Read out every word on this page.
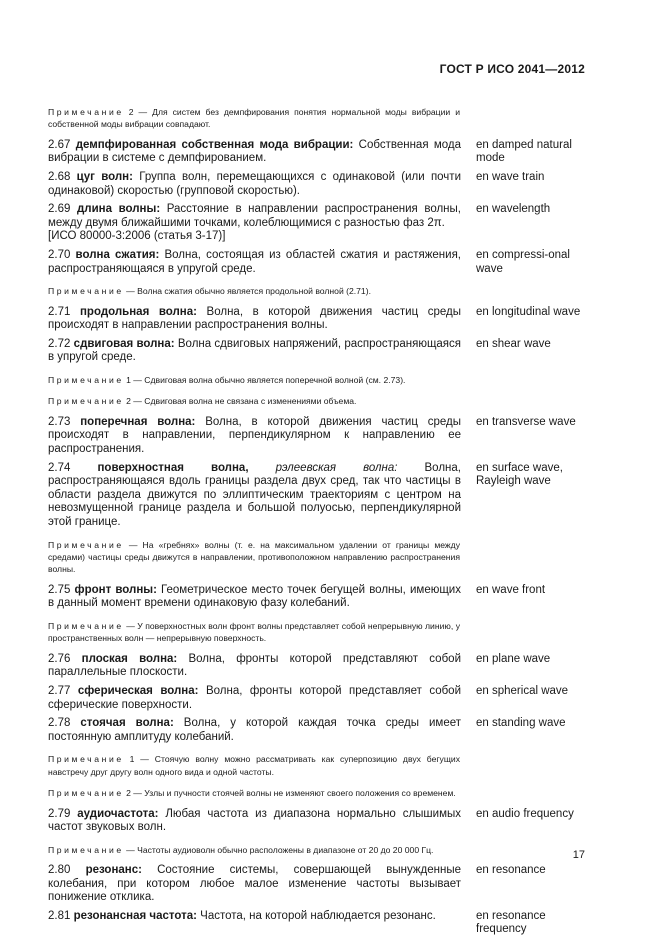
ГОСТ Р ИСО 2041—2012
Примечание 2 — Для систем без демпфирования понятия нормальной моды вибрации и собственной моды вибрации совпадают.
2.67 демпфированная собственная мода вибрации: Собственная мода вибрации в системе с демпфированием.
en damped natural mode
2.68 цуг волн: Группа волн, перемещающихся с одинаковой (или почти одинаковой) скоростью (групповой скоростью).
en wave train
2.69 длина волны: Расстояние в направлении распространения волны, между двумя ближайшими точками, колеблющимися с разностью фаз 2π.
[ИСО 80000-3:2006 (статья 3-17)]
en wavelength
2.70 волна сжатия: Волна, состоящая из областей сжатия и растяжения, распространяющаяся в упругой среде.
en compressi-onal wave
Примечание — Волна сжатия обычно является продольной волной (2.71).
2.71 продольная волна: Волна, в которой движения частиц среды происходят в направлении распространения волны.
en longitudinal wave
2.72 сдвиговая волна: Волна сдвиговых напряжений, распространяющаяся в упругой среде.
en shear wave
Примечание 1 — Сдвиговая волна обычно является поперечной волной (см. 2.73).
Примечание 2 — Сдвиговая волна не связана с изменениями объема.
2.73 поперечная волна: Волна, в которой движения частиц среды происходят в направлении, перпендикулярном к направлению ее распространения.
en transverse wave
2.74 поверхностная волна, рэлеевская волна: Волна, распространяющаяся вдоль границы раздела двух сред, так что частицы в области раздела движутся по эллиптическим траекториям с центром на невозмущенной границе раздела и большой полуосью, перпендикулярной этой границе.
en surface wave, Rayleigh wave
Примечание — На «гребнях» волны (т. е. на максимальном удалении от границы между средами) частицы среды движутся в направлении, противоположном направлению распространения волны.
2.75 фронт волны: Геометрическое место точек бегущей волны, имеющих в данный момент времени одинаковую фазу колебаний.
en wave front
Примечание — У поверхностных волн фронт волны представляет собой непрерывную линию, у пространственных волн — непрерывную поверхность.
2.76 плоская волна: Волна, фронты которой представляют собой параллельные плоскости.
en plane wave
2.77 сферическая волна: Волна, фронты которой представляет собой сферические поверхности.
en spherical wave
2.78 стоячая волна: Волна, у которой каждая точка среды имеет постоянную амплитуду колебаний.
en standing wave
Примечание 1 — Стоячую волну можно рассматривать как суперпозицию двух бегущих навстречу друг другу волн одного вида и одной частоты.
Примечание 2 — Узлы и пучности стоячей волны не изменяют своего положения со временем.
2.79 аудиочастота: Любая частота из диапазона нормально слышимых частот звуковых волн.
en audio frequency
Примечание — Частоты аудиоволн обычно расположены в диапазоне от 20 до 20 000 Гц.
2.80 резонанс: Состояние системы, совершающей вынужденные колебания, при котором любое малое изменение частоты вызывает понижение отклика.
en resonance
2.81 резонансная частота: Частота, на которой наблюдается резонанс.	en resonance frequency
17
